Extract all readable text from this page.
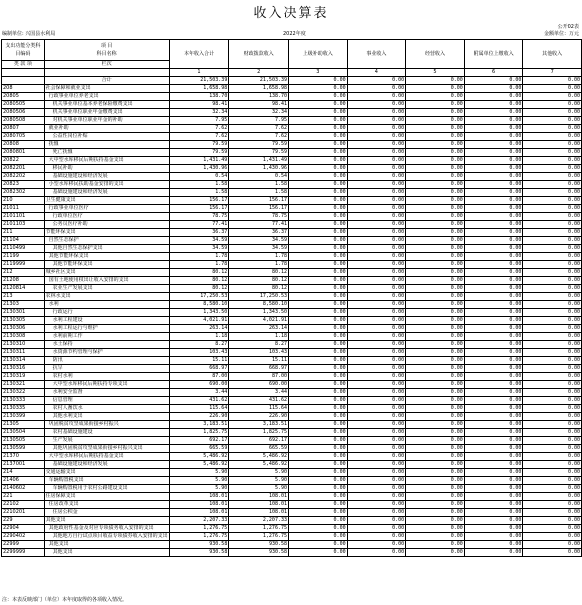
收入决算表
公开02表
编制单位: 兴国县水利局	2022年度	金额单位：万元
支出功能分类科目编码	项 目
科目名称	本年收入合计	财政拨款收入	上级补助收入	事业收入	经营收入	附属单位上缴收入	其他收入
类 款 项	栏次							
		1	2	3	4	5	6	7
	合计	21,503.39	21,503.39	0.00	0.00	0.00	0.00	0.00
208	社会保障和就业支出	1,658.98	1,658.98	0.00	0.00	0.00	0.00	0.00
20805	行政事业单位养老支出	138.70	138.70	0.00	0.00	0.00	0.00	0.00
2080505	机关事业单位基本养老保险缴费支出	98.41	98.41	0.00	0.00	0.00	0.00	0.00
2080506	机关事业单位职业年金缴费支出	32.34	32.34	0.00	0.00	0.00	0.00	0.00
2080508	对机关事业单位职业年金的补助	7.95	7.95	0.00	0.00	0.00	0.00	0.00
20807	就业补助	7.62	7.62	0.00	0.00	0.00	0.00	0.00
2080705	公益性岗位补贴	7.62	7.62	0.00	0.00	0.00	0.00	0.00
20808	抚恤	79.59	79.59	0.00	0.00	0.00	0.00	0.00
2080801	死亡抚恤	79.59	79.59	0.00	0.00	0.00	0.00	0.00
20822	大中型水库移民后期扶持基金支出	1,431.49	1,431.49	0.00	0.00	0.00	0.00	0.00
2082201	移民补助	1,430.96	1,430.96	0.00	0.00	0.00	0.00	0.00
2082202	基础设施建设和经济发展	0.54	0.54	0.00	0.00	0.00	0.00	0.00
20823	小型水库移民扶助基金安排的支出	1.58	1.58	0.00	0.00	0.00	0.00	0.00
2082302	基础设施建设和经济发展	1.58	1.58	0.00	0.00	0.00	0.00	0.00
210	卫生健康支出	156.17	156.17	0.00	0.00	0.00	0.00	0.00
21011	行政事业单位医疗	156.17	156.17	0.00	0.00	0.00	0.00	0.00
2101101	行政单位医疗	78.75	78.75	0.00	0.00	0.00	0.00	0.00
2101103	公务员医疗补助	77.41	77.41	0.00	0.00	0.00	0.00	0.00
211	节能环保支出	36.37	36.37	0.00	0.00	0.00	0.00	0.00
21104	自然生态保护	34.59	34.59	0.00	0.00	0.00	0.00	0.00
2110499	其他自然生态保护支出	34.59	34.59	0.00	0.00	0.00	0.00	0.00
21199	其他节能环保支出	1.78	1.78	0.00	0.00	0.00	0.00	0.00
2119999	其他节能环保支出	1.78	1.78	0.00	0.00	0.00	0.00	0.00
212	城乡社区支出	80.12	80.12	0.00	0.00	0.00	0.00	0.00
21208	国有土地使用权出让收入安排的支出	80.12	80.12	0.00	0.00	0.00	0.00	0.00
2120814	农业生产发展支出	80.12	80.12	0.00	0.00	0.00	0.00	0.00
213	农林水支出	17,250.53	17,250.53	0.00	0.00	0.00	0.00	0.00
21303	水利	8,580.10	8,580.10	0.00	0.00	0.00	0.00	0.00
2130301	行政运行	1,343.50	1,343.50	0.00	0.00	0.00	0.00	0.00
2130305	水利工程建设	4,021.91	4,021.91	0.00	0.00	0.00	0.00	0.00
2130306	水利工程运行与维护	263.14	263.14	0.00	0.00	0.00	0.00	0.00
2130308	水利前期工作	1.18	1.18	0.00	0.00	0.00	0.00	0.00
2130310	水土保持	8.27	8.27	0.00	0.00	0.00	0.00	0.00
2130311	水资源节约管理与保护	103.43	103.43	0.00	0.00	0.00	0.00	0.00
2130314	防汛	15.11	15.11	0.00	0.00	0.00	0.00	0.00
2130316	抗旱	668.97	668.97	0.00	0.00	0.00	0.00	0.00
2130319	农村水利	87.00	87.00	0.00	0.00	0.00	0.00	0.00
2130321	大中型水库移民后期扶持专项支出	690.00	690.00	0.00	0.00	0.00	0.00	0.00
2130322	水利安全监督	3.44	3.44	0.00	0.00	0.00	0.00	0.00
2130333	信息管理	431.62	431.62	0.00	0.00	0.00	0.00	0.00
2130335	农村人畜饮水	115.64	115.64	0.00	0.00	0.00	0.00	0.00
2130399	其他水利支出	226.90	226.90	0.00	0.00	0.00	0.00	0.00
21305	巩固脱贫攻坚成果衔接乡村振兴	3,183.51	3,183.51	0.00	0.00	0.00	0.00	0.00
2130504	农村基础设施建设	1,825.75	1,825.75	0.00	0.00	0.00	0.00	0.00
2130505	生产发展	692.17	692.17	0.00	0.00	0.00	0.00	0.00
2130599	其他巩固脱贫攻坚成果衔接乡村振兴支出	665.59	665.59	0.00	0.00	0.00	0.00	0.00
21370	大中型水库移民后期扶持基金支出	5,486.92	5,486.92	0.00	0.00	0.00	0.00	0.00
2137001	基础设施建设和经济发展	5,486.92	5,486.92	0.00	0.00	0.00	0.00	0.00
214	交通运输支出	5.90	5.90	0.00	0.00	0.00	0.00	0.00
21406	车辆购置税支出	5.90	5.90	0.00	0.00	0.00	0.00	0.00
2140602	车辆购置税用于农村公路建设支出	5.90	5.90	0.00	0.00	0.00	0.00	0.00
221	住房保障支出	108.01	108.01	0.00	0.00	0.00	0.00	0.00
22102	住房改革支出	108.01	108.01	0.00	0.00	0.00	0.00	0.00
2210201	住房公积金	108.01	108.01	0.00	0.00	0.00	0.00	0.00
229	其他支出	2,207.33	2,207.33	0.00	0.00	0.00	0.00	0.00
22904	其他政府性基金及对应专项债务收入安排的支出	1,276.75	1,276.75	0.00	0.00	0.00	0.00	0.00
2290402	其他地方自行试点项目收益专项债券收入安排的支出	1,276.75	1,276.75	0.00	0.00	0.00	0.00	0.00
22999	其他支出	930.58	930.58	0.00	0.00	0.00	0.00	0.00
2299999	其他支出	930.58	930.58	0.00	0.00	0.00	0.00	0.00
注：本表反映部门（单位）本年度取得的各项收入情况。
